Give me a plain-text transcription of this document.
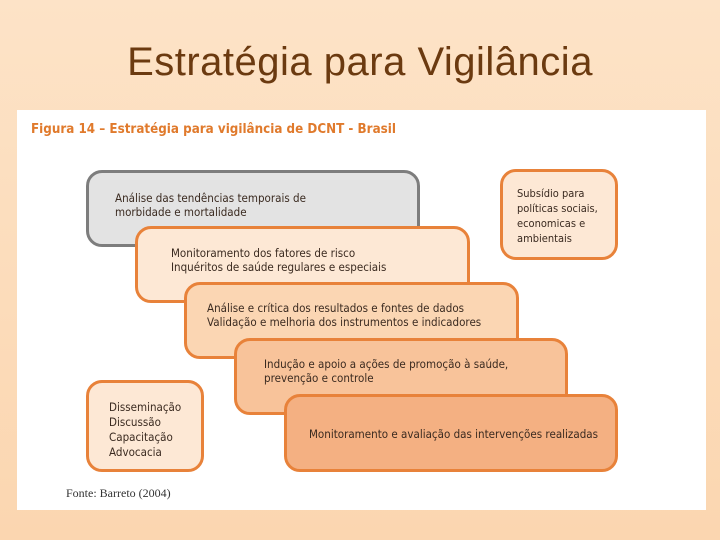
Estratégia para Vigilância
Figura 14 – Estratégia para vigilância de DCNT - Brasil
Subsídio para
políticas sociais,
economicas e
ambientais
Análise das tendências temporais de
morbidade e mortalidade
Monitoramento dos fatores de risco
Inquéritos de saúde regulares e especiais
Análise e crítica dos resultados e fontes de dados
Validação e melhoria dos instrumentos e indicadores
Indução e apoio a ações de promoção à saúde,
prevenção e controle
Disseminação
Discussão
Capacitação
Advocacia
Monitoramento e avaliação das intervenções realizadas
Fonte: Barreto (2004)
